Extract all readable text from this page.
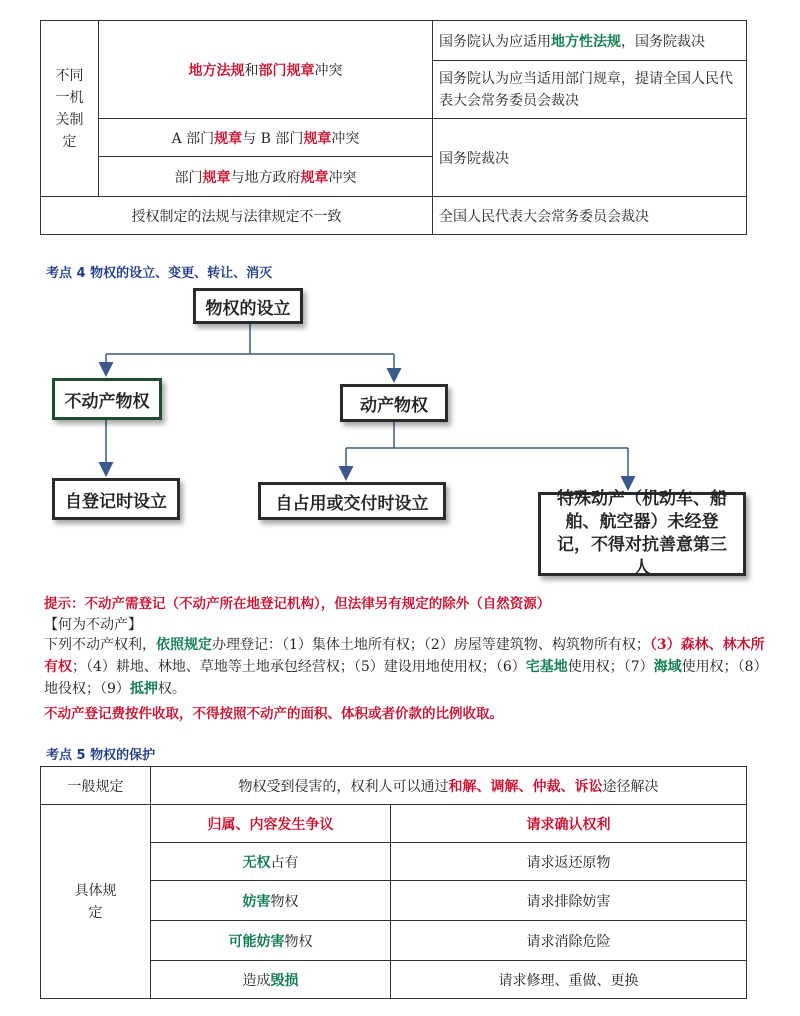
不同一机关制定	地方法规和部门规章冲突	国务院认为应适用地方性法规，国务院裁决
		国务院认为应当适用部门规章，提请全国人民代表大会常务委员会裁决
	A 部门规章与 B 部门规章冲突	国务院裁决
	部门规章与地方政府规章冲突	
授权制定的法规与法律规定不一致		全国人民代表大会常务委员会裁决
考点 4 物权的设立、变更、转让、消灭
物权的设立
不动产物权	动产物权
自登记时设立	自占用或交付时设立	特殊动产（机动车、船舶、航空器）未经登记，不得对抗善意第三人
提示：不动产需登记（不动产所在地登记机构），但法律另有规定的除外（自然资源）
【何为不动产】
下列不动产权利，依照规定办理登记：（1）集体土地所有权；（2）房屋等建筑物、构筑物所有权；（3）森林、林木所有权；（4）耕地、林地、草地等土地承包经营权；（5）建设用地使用权；（6）宅基地使用权；（7）海域使用权；（8）地役权；（9）抵押权。
不动产登记费按件收取，不得按照不动产的面积、体积或者价款的比例收取。
考点 5 物权的保护
一般规定	物权受到侵害的，权利人可以通过和解、调解、仲裁、诉讼途径解决	
具体规定	归属、内容发生争议	请求确认权利
	无权占有	请求返还原物
	妨害物权	请求排除妨害
	可能妨害物权	请求消除危险
	造成毁损	请求修理、重做、更换
